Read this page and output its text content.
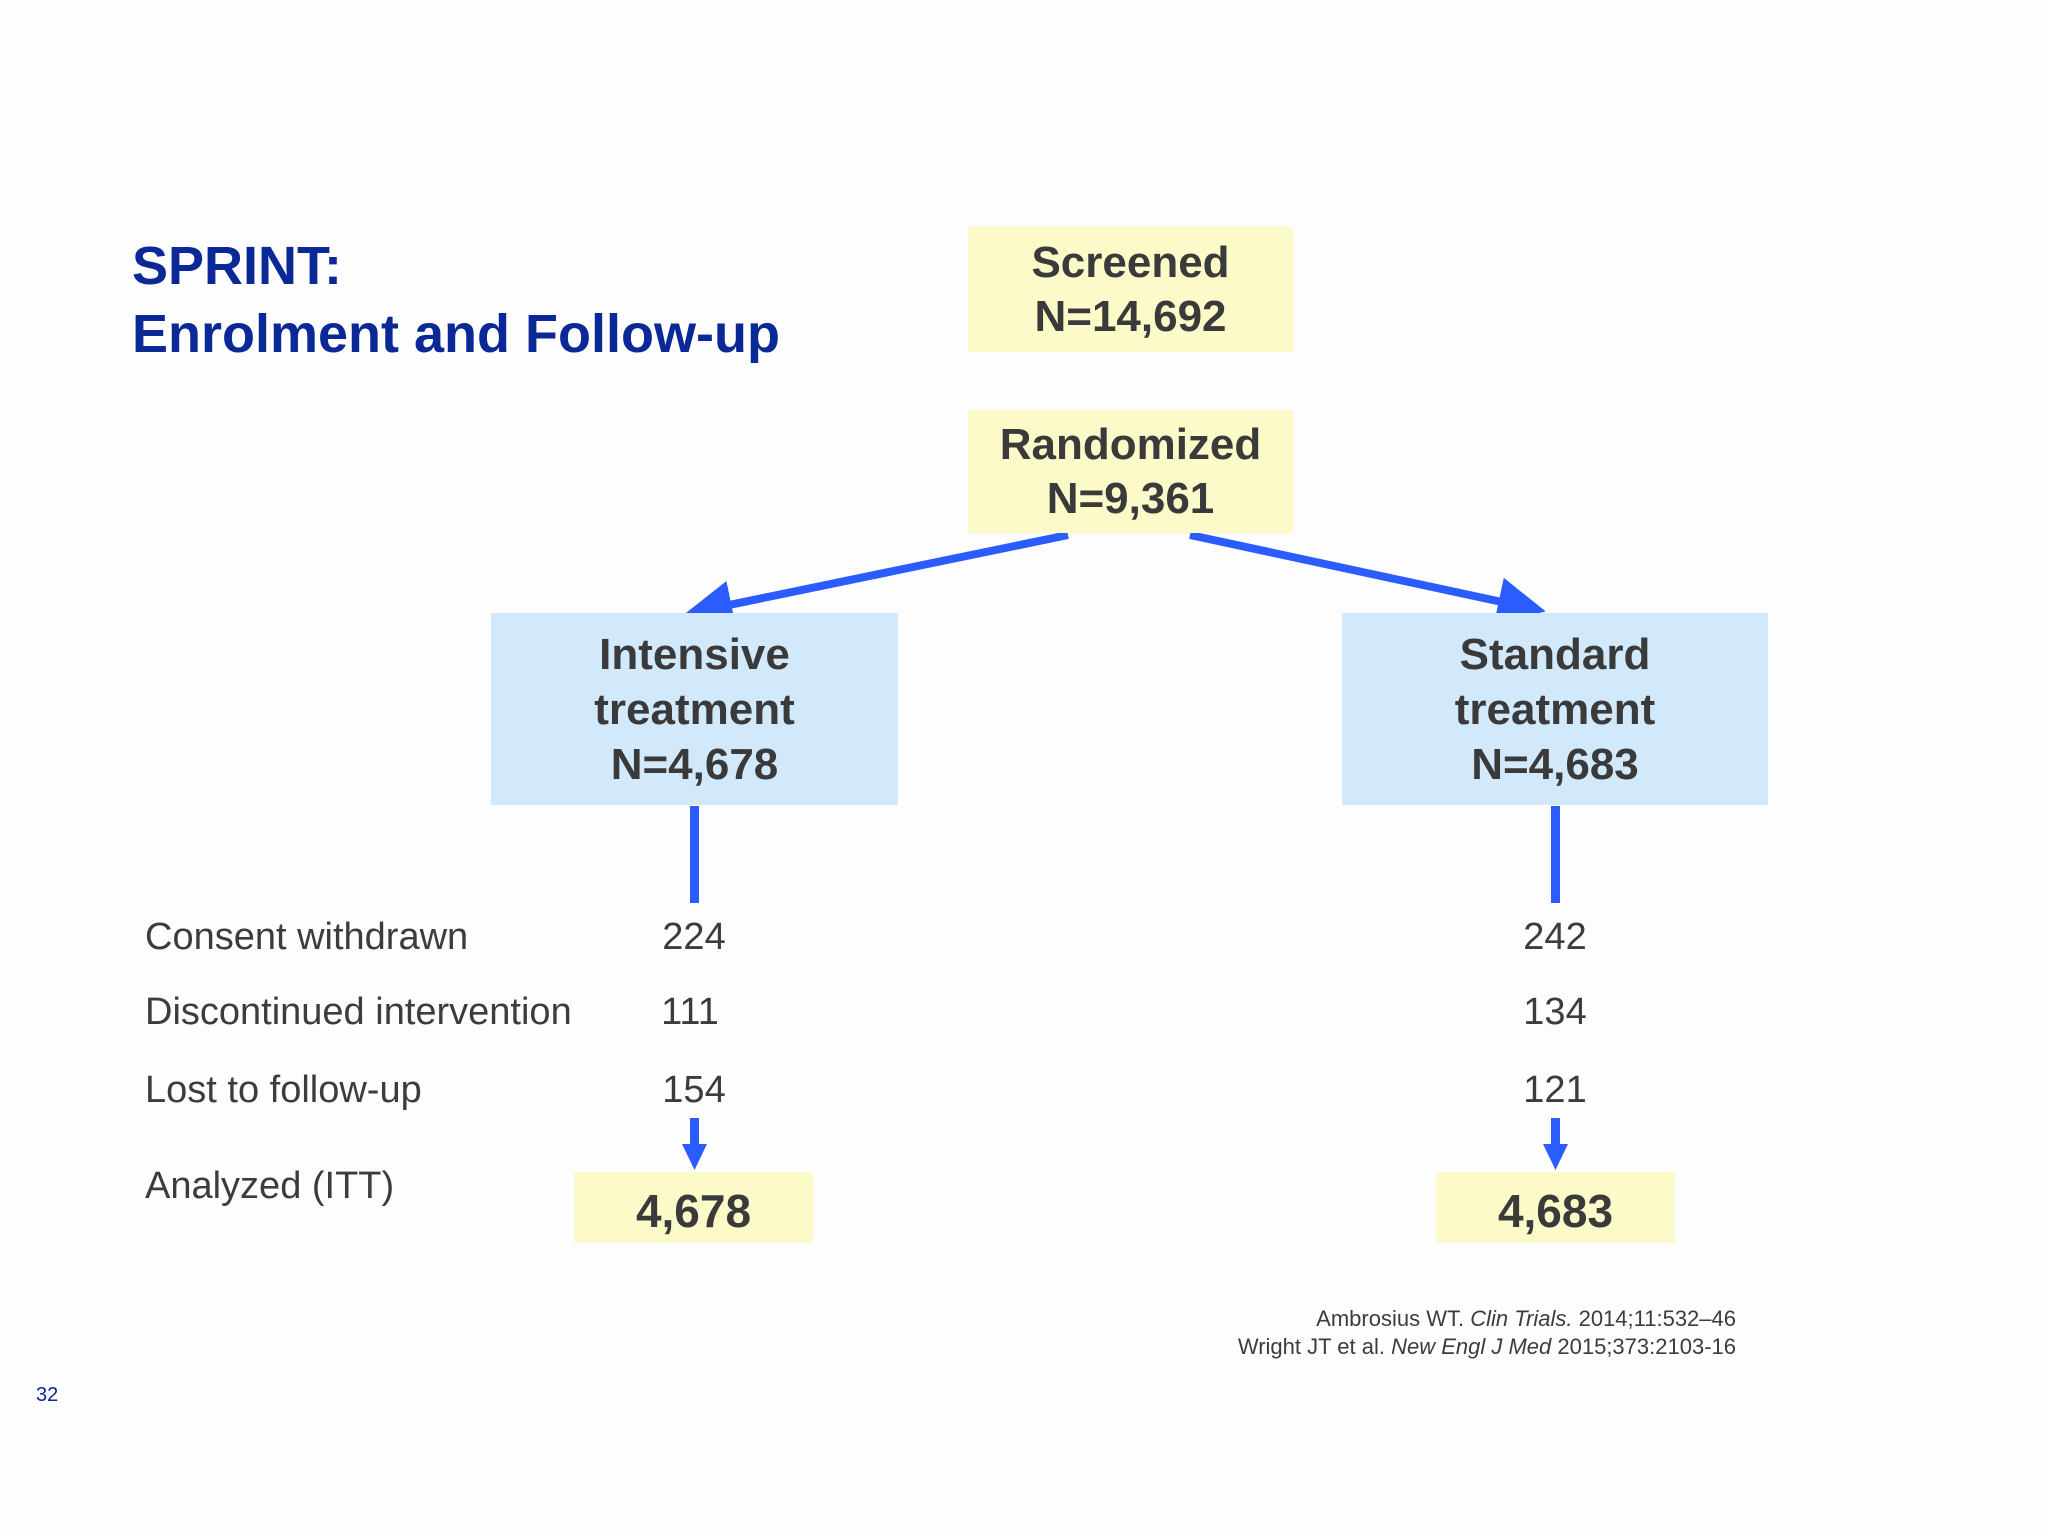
SPRINT:
Enrolment and Follow-up
Screened
N=14,692
Randomized
N=9,361
Intensive
treatment
N=4,678
Standard
treatment
N=4,683
Consent withdrawn	224	242
Discontinued intervention	111	134
Lost to follow-up	154	121
Analyzed (ITT)	4,678	4,683
Ambrosius WT. Clin Trials. 2014;11:532–46
Wright JT et al. New Engl J Med 2015;373:2103-16
32
